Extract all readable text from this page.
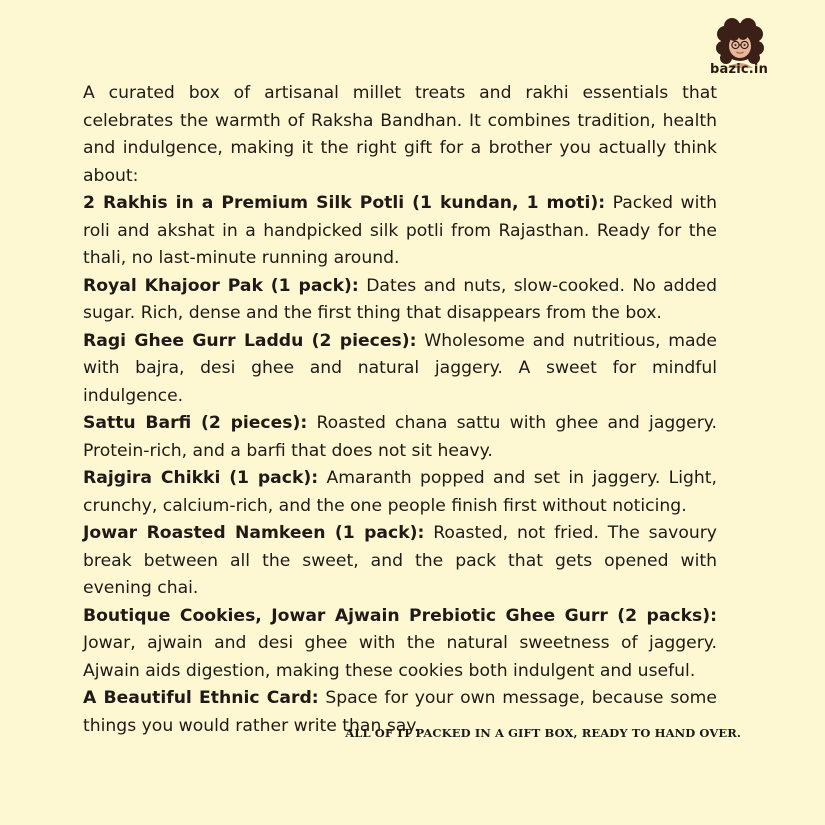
bazic.in

A curated box of artisanal millet treats and rakhi essentials that celebrates the warmth of Raksha Bandhan. It combines tradition, health and indulgence, making it the right gift for a brother you actually think about:

2 Rakhis in a Premium Silk Potli (1 kundan, 1 moti): Packed with roli and akshat in a handpicked silk potli from Rajasthan. Ready for the thali, no last-minute running around.

Royal Khajoor Pak (1 pack): Dates and nuts, slow-cooked. No added sugar. Rich, dense and the first thing that disappears from the box.

Ragi Ghee Gurr Laddu (2 pieces): Wholesome and nutritious, made with bajra, desi ghee and natural jaggery. A sweet for mindful indulgence.

Sattu Barfi (2 pieces): Roasted chana sattu with ghee and jaggery. Protein-rich, and a barfi that does not sit heavy.

Rajgira Chikki (1 pack): Amaranth popped and set in jaggery. Light, crunchy, calcium-rich, and the one people finish first without noticing.

Jowar Roasted Namkeen (1 pack): Roasted, not fried. The savoury break between all the sweet, and the pack that gets opened with evening chai.

Boutique Cookies, Jowar Ajwain Prebiotic Ghee Gurr (2 packs): Jowar, ajwain and desi ghee with the natural sweetness of jaggery. Ajwain aids digestion, making these cookies both indulgent and useful.

A Beautiful Ethnic Card: Space for your own message, because some things you would rather write than say.

ALL OF IT PACKED IN A GIFT BOX, READY TO HAND OVER.
